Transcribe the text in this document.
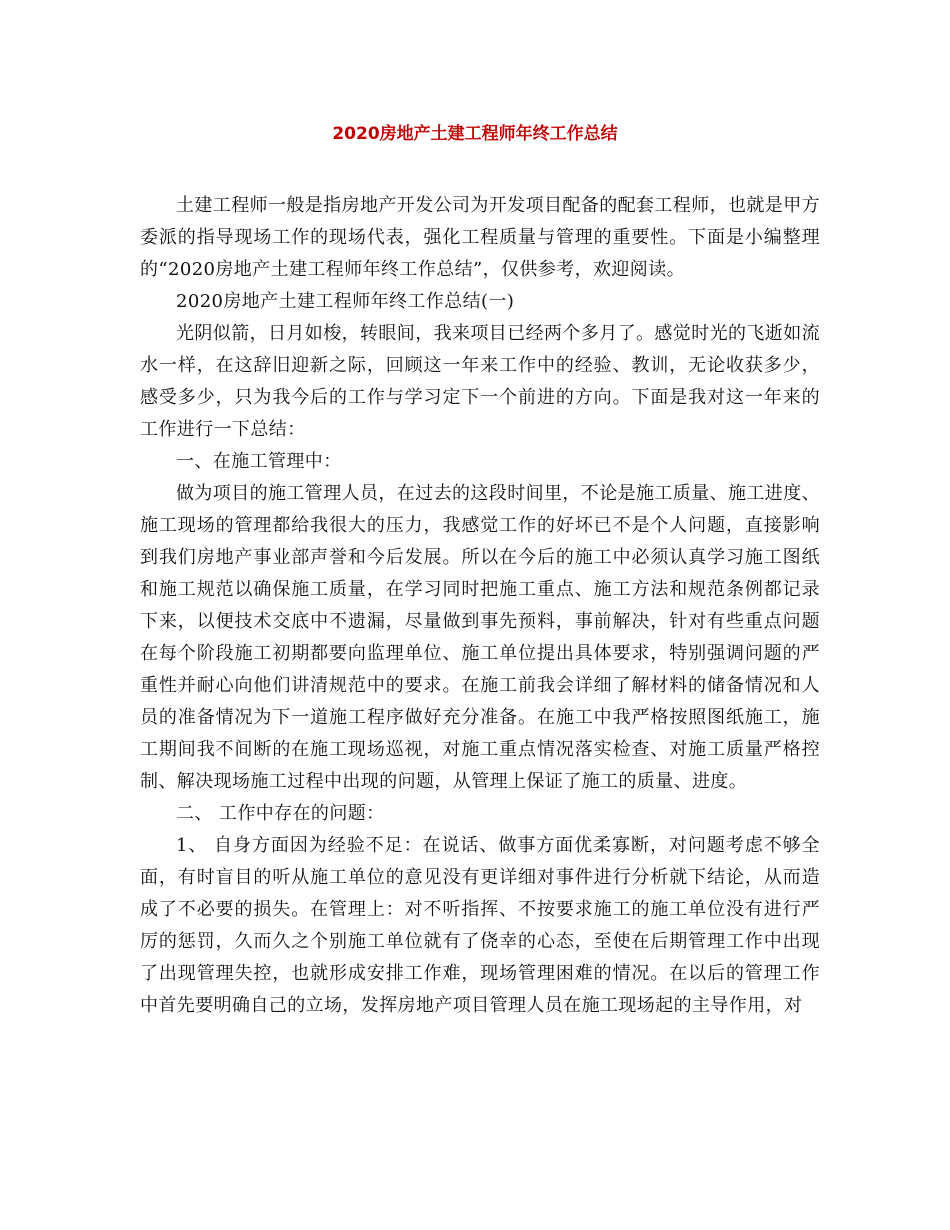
2020房地产土建工程师年终工作总结

土建工程师一般是指房地产开发公司为开发项目配备的配套工程师，也就是甲方委派的指导现场工作的现场代表，强化工程质量与管理的重要性。下面是小编整理的“2020房地产土建工程师年终工作总结”，仅供参考，欢迎阅读。

2020房地产土建工程师年终工作总结(一)

光阴似箭，日月如梭，转眼间，我来项目已经两个多月了。感觉时光的飞逝如流水一样，在这辞旧迎新之际，回顾这一年来工作中的经验、教训，无论收获多少，感受多少，只为我今后的工作与学习定下一个前进的方向。下面是我对这一年来的工作进行一下总结：

一、在施工管理中：

做为项目的施工管理人员，在过去的这段时间里，不论是施工质量、施工进度、施工现场的管理都给我很大的压力，我感觉工作的好坏已不是个人问题，直接影响到我们房地产事业部声誉和今后发展。所以在今后的施工中必须认真学习施工图纸和施工规范以确保施工质量，在学习同时把施工重点、施工方法和规范条例都记录下来，以便技术交底中不遗漏，尽量做到事先预料，事前解决，针对有些重点问题在每个阶段施工初期都要向监理单位、施工单位提出具体要求，特别强调问题的严重性并耐心向他们讲清规范中的要求。在施工前我会详细了解材料的储备情况和人员的准备情况为下一道施工程序做好充分准备。在施工中我严格按照图纸施工，施工期间我不间断的在施工现场巡视，对施工重点情况落实检查、对施工质量严格控制、解决现场施工过程中出现的问题，从管理上保证了施工的质量、进度。

二、 工作中存在的问题：

1、 自身方面因为经验不足：在说话、做事方面优柔寡断，对问题考虑不够全面，有时盲目的听从施工单位的意见没有更详细对事件进行分析就下结论，从而造成了不必要的损失。在管理上：对不听指挥、不按要求施工的施工单位没有进行严厉的惩罚，久而久之个别施工单位就有了侥幸的心态，至使在后期管理工作中出现了出现管理失控，也就形成安排工作难，现场管理困难的情况。在以后的管理工作中首先要明确自己的立场，发挥房地产项目管理人员在施工现场起的主导作用，对
